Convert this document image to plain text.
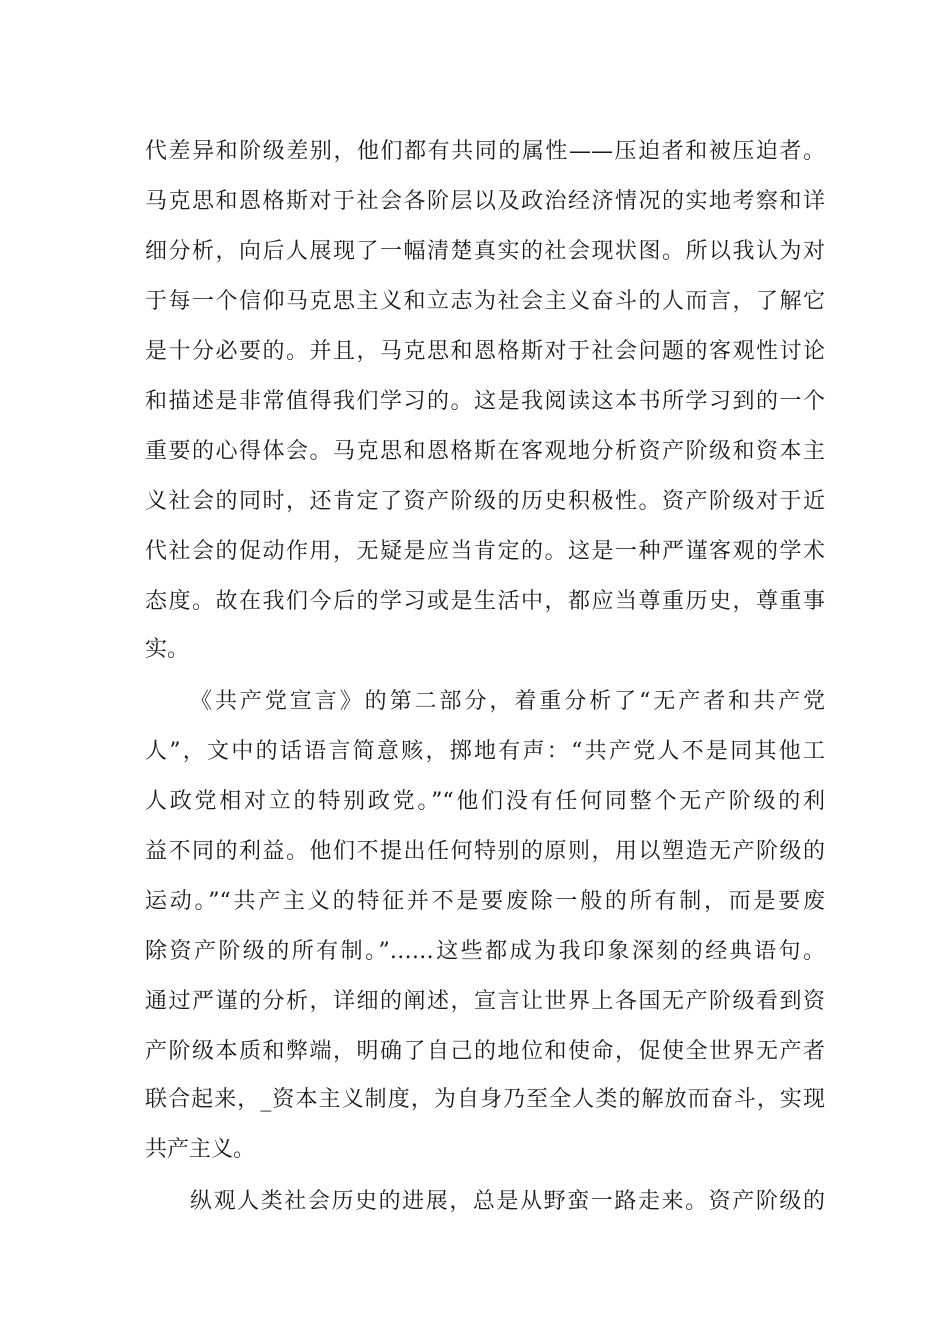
代差异和阶级差别，他们都有共同的属性——压迫者和被压迫者。
马克思和恩格斯对于社会各阶层以及政治经济情况的实地考察和详
细分析，向后人展现了一幅清楚真实的社会现状图。所以我认为对
于每一个信仰马克思主义和立志为社会主义奋斗的人而言，了解它
是十分必要的。并且，马克思和恩格斯对于社会问题的客观性讨论
和描述是非常值得我们学习的。这是我阅读这本书所学习到的一个
重要的心得体会。马克思和恩格斯在客观地分析资产阶级和资本主
义社会的同时，还肯定了资产阶级的历史积极性。资产阶级对于近
代社会的促动作用，无疑是应当肯定的。这是一种严谨客观的学术
态度。故在我们今后的学习或是生活中，都应当尊重历史，尊重事
实。
《共产党宣言》的第二部分，着重分析了“无产者和共产党
人”，文中的话语言简意赅，掷地有声：“共产党人不是同其他工
人政党相对立的特别政党。”“他们没有任何同整个无产阶级的利
益不同的利益。他们不提出任何特别的原则，用以塑造无产阶级的
运动。”“共产主义的特征并不是要废除一般的所有制，而是要废
除资产阶级的所有制。”……这些都成为我印象深刻的经典语句。
通过严谨的分析，详细的阐述，宣言让世界上各国无产阶级看到资
产阶级本质和弊端，明确了自己的地位和使命，促使全世界无产者
联合起来，_资本主义制度，为自身乃至全人类的解放而奋斗，实现
共产主义。
纵观人类社会历史的进展，总是从野蛮一路走来。资产阶级的
